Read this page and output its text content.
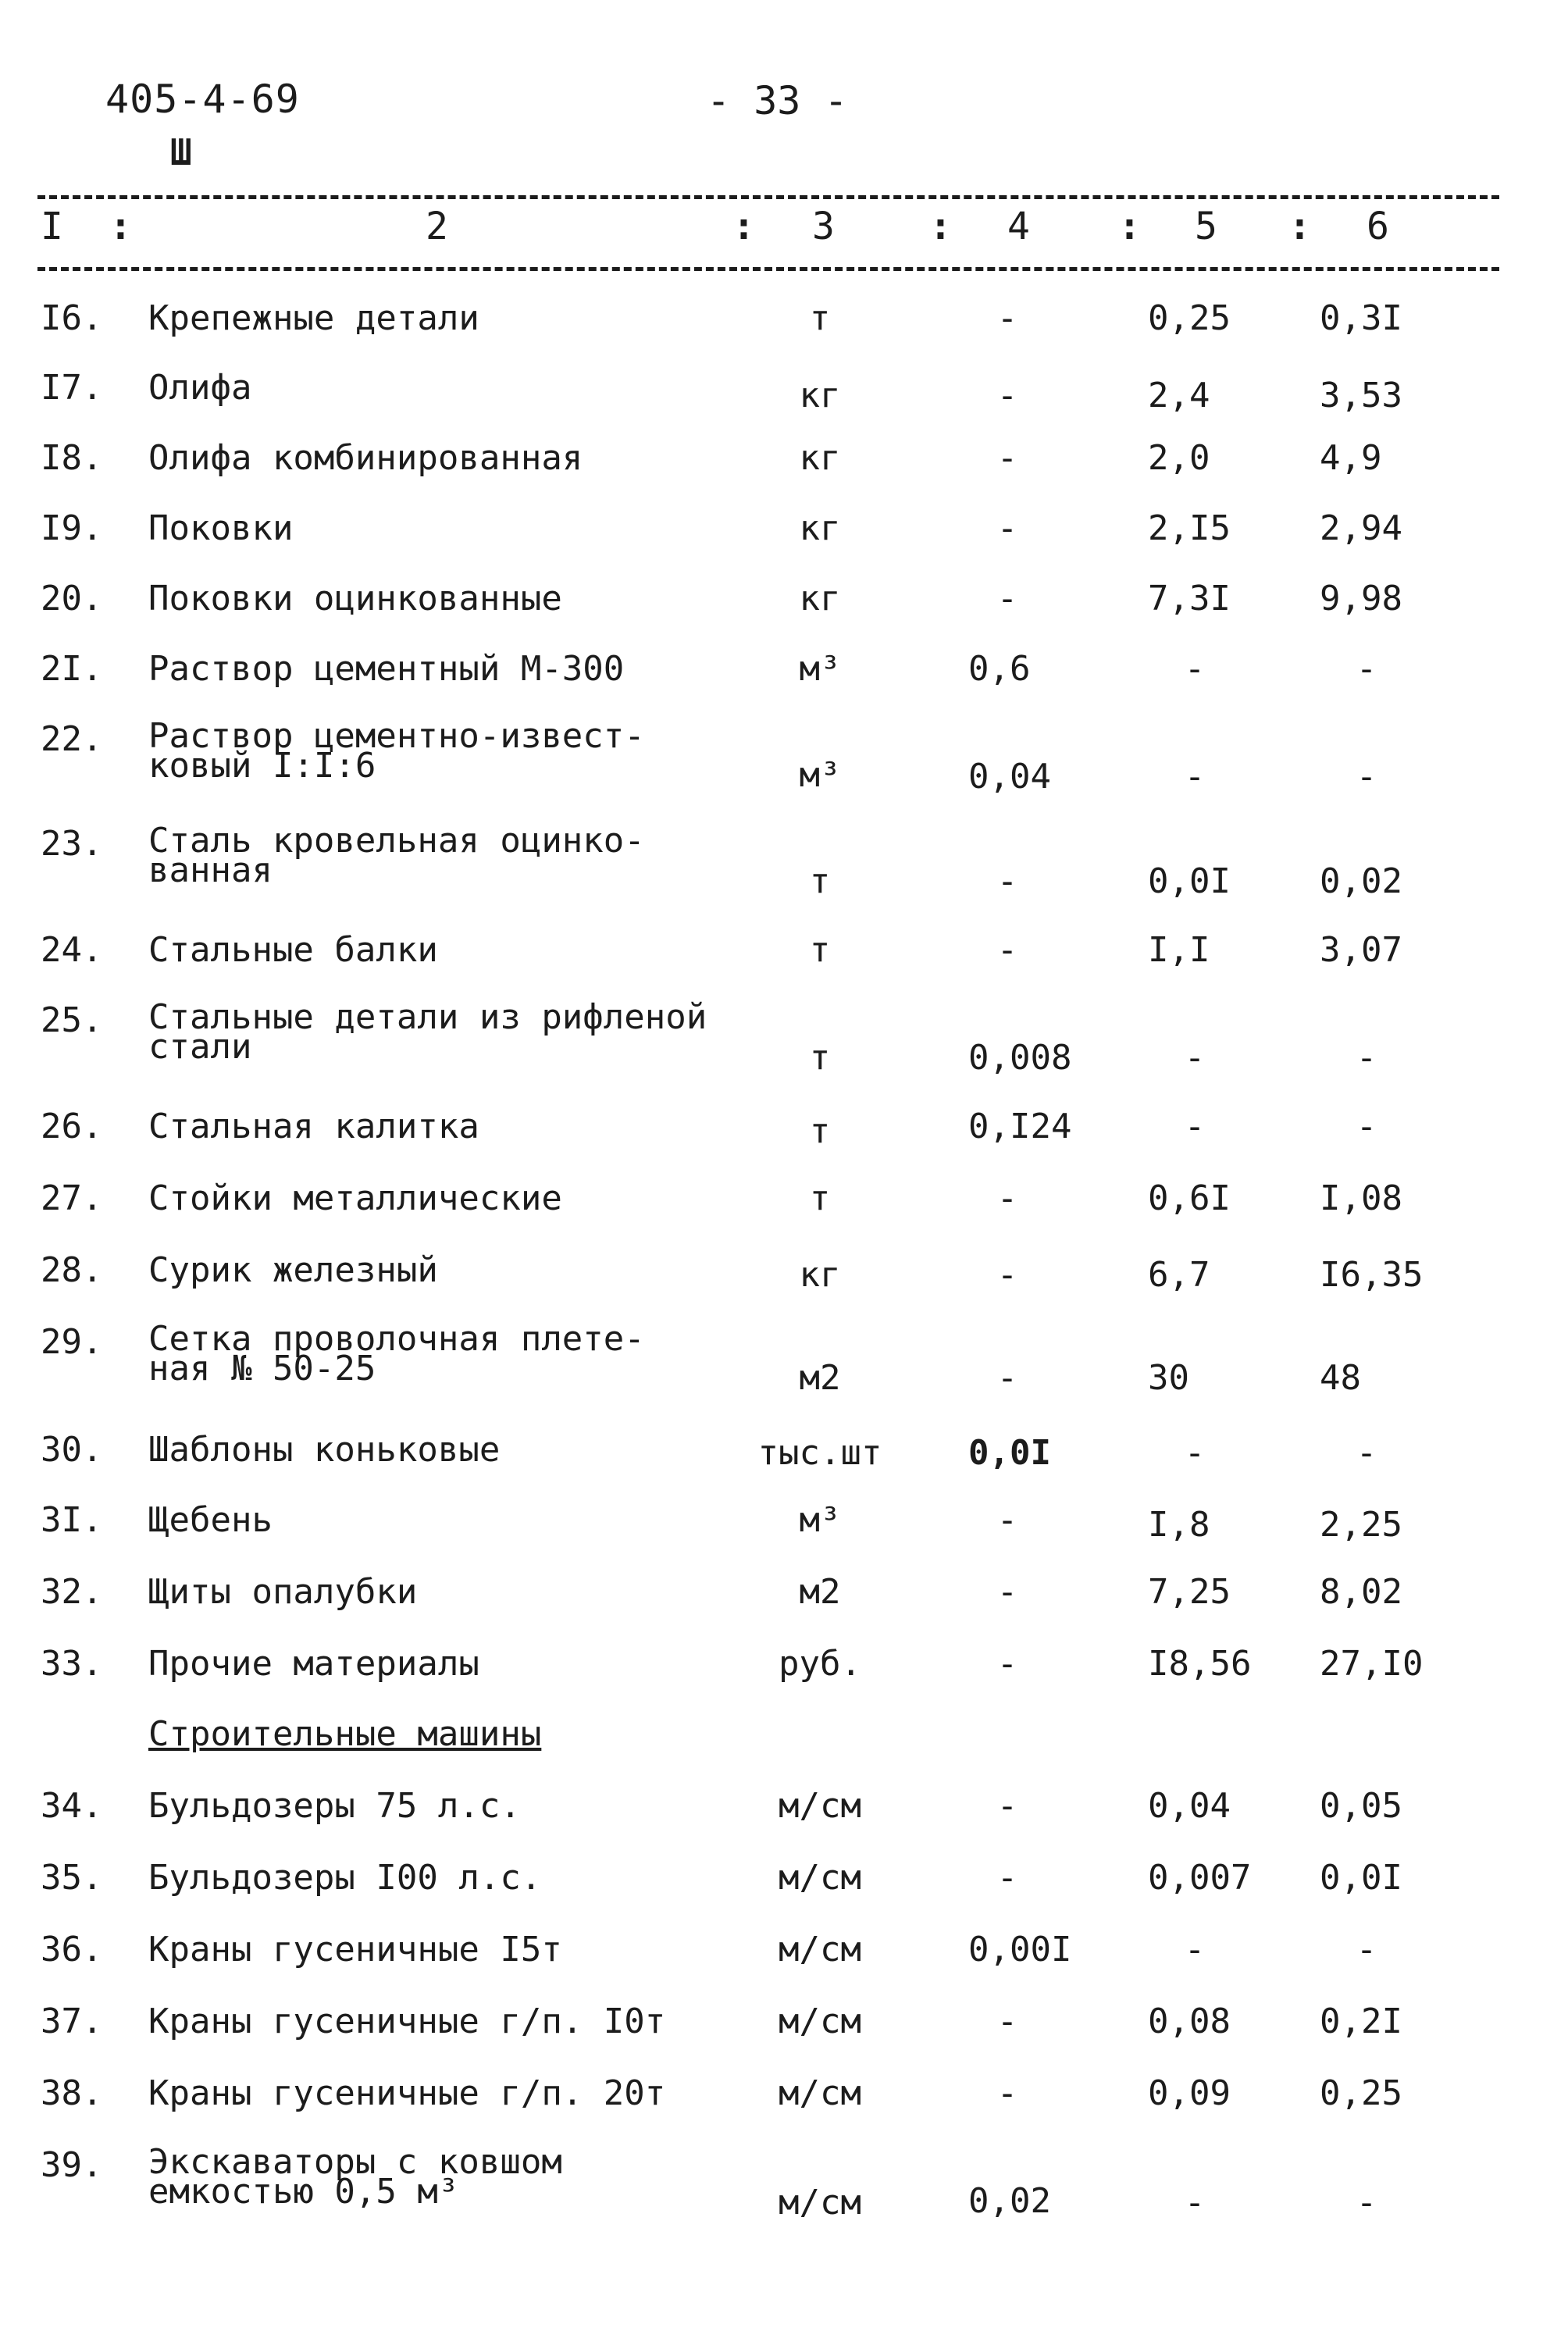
405-4-69
Ш
- 33 -
I :	2	: 3	: 4 : 5 : 6
I6. Крепежные детали	т	-	0,25	0,3I
I7. Олифа	кг	-	2,4	3,53
I8. Олифа комбинированная	кг	-	2,0	4,9
I9. Поковки	кг	-	2,I5	2,94
20. Поковки оцинкованные	кг	-	7,3I	9,98
2I. Раствор цементный М-300	м³	0,6	-	-
22. Раствор цементно-извест-
ковый I:I:6	м³	0,04	-	-
23. Сталь кровельная оцинко-
ванная	т	-	0,0I	0,02
24. Стальные балки	т	-	I,I	3,07
25. Стальные детали из рифленой
стали	т	0,008	-	-
26. Стальная калитка	т	0,I24	-	-
27. Стойки металлические	т	-	0,6I	I,08
28. Сурик железный	кг	-	6,7	I6,35
29. Сетка проволочная плете-
ная № 50-25	м2	-	30	48
30. Шаблоны коньковые	тыс.шт	0,0I	-	-
3I. Щебень	м³	-	I,8	2,25
32. Щиты опалубки	м2	-	7,25	8,02
33. Прочие материалы	руб.	-	I8,56	27,I0
Строительные машины
34. Бульдозеры 75 л.с.	м/см	-	0,04	0,05
35. Бульдозеры I00 л.с.	м/см	-	0,007	0,0I
36. Краны гусеничные I5т	м/см	0,00I	-	-
37. Краны гусеничные г/п. I0т	м/см	-	0,08	0,2I
38. Краны гусеничные г/п. 20т	м/см	-	0,09	0,25
39. Экскаваторы с ковшом
емкостью 0,5 м³	м/см	0,02	-	-
